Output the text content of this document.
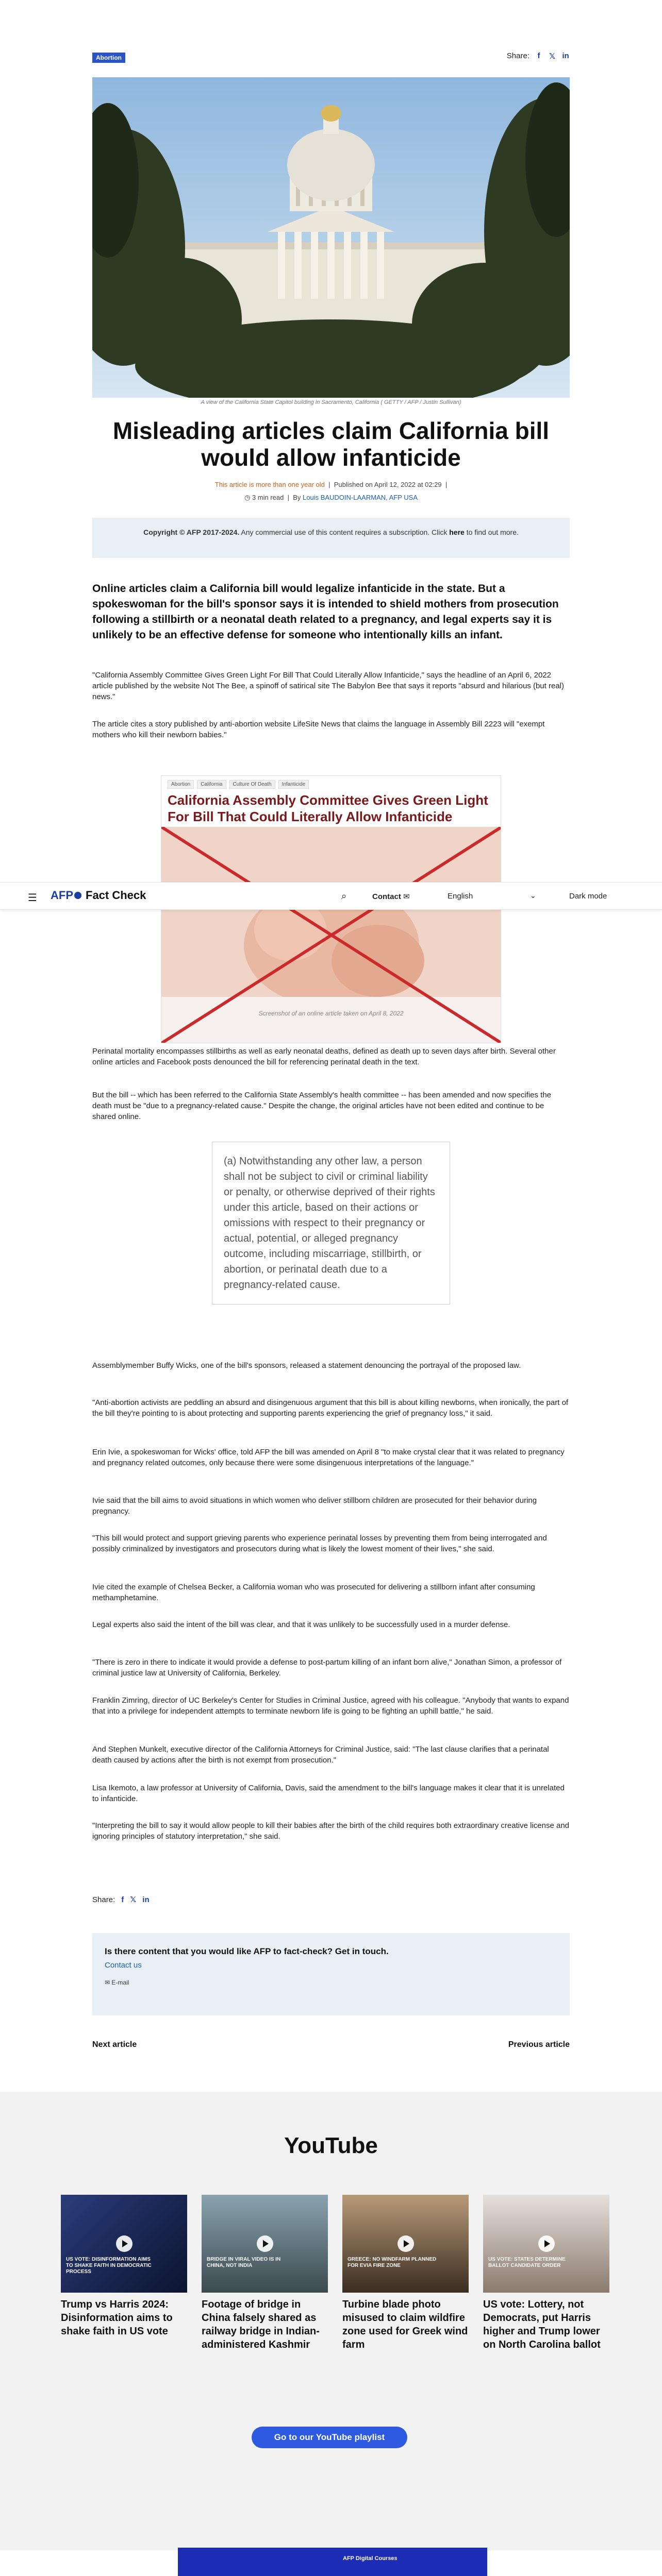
Abortion	Share:	f	𝕏 in
A view of the California State Capitol building in Sacramento, California ( GETTY / AFP / Justin Sullivan)
Misleading articles claim California bill would allow infanticide
This article is more than one year old  |  Published on April 12, 2022 at 02:29  |
◷ 3 min read  |  By Louis BAUDOIN-LAARMAN, AFP USA
Copyright © AFP 2017-2024. Any commercial use of this content requires a subscription. Click here to find out more.

Online articles claim a California bill would legalize infanticide in the state. But a spokeswoman for the bill's sponsor says it is intended to shield mothers from prosecution following a stillbirth or a neonatal death related to a pregnancy, and legal experts say it is unlikely to be an effective defense for someone who intentionally kills an infant.

"California Assembly Committee Gives Green Light For Bill That Could Literally Allow Infanticide," says the headline of an April 6, 2022 article published by the website Not The Bee, a spinoff of satirical site The Babylon Bee that says it reports "absurd and hilarious (but real) news."

The article cites a story published by anti-abortion website LifeSite News that claims the language in Assembly Bill 2223 will "exempt mothers who kill their newborn babies."

Abortion	California	Culture Of Death	Infanticide
California Assembly Committee Gives Green Light For Bill That Could Literally Allow Infanticide
Screenshot of an online article taken on April 8, 2022
☰ AFP Fact Check	⌕	Contact ✉	English	⌄	Dark mode

Perinatal mortality encompasses stillbirths as well as early neonatal deaths, defined as death up to seven days after birth. Several other online articles and Facebook posts denounced the bill for referencing perinatal death in the text.

But the bill -- which has been referred to the California State Assembly's health committee -- has been amended and now specifies the death must be "due to a pregnancy-related cause." Despite the change, the original articles have not been edited and continue to be shared online.

(a) Notwithstanding any other law, a person shall not be subject to civil or criminal liability or penalty, or otherwise deprived of their rights under this article, based on their actions or omissions with respect to their pregnancy or actual, potential, or alleged pregnancy outcome, including miscarriage, stillbirth, or abortion, or perinatal death due to a pregnancy-related cause.

Assemblymember Buffy Wicks, one of the bill's sponsors, released a statement denouncing the portrayal of the proposed law.

"Anti-abortion activists are peddling an absurd and disingenuous argument that this bill is about killing newborns, when ironically, the part of the bill they're pointing to is about protecting and supporting parents experiencing the grief of pregnancy loss," it said.

Erin Ivie, a spokeswoman for Wicks' office, told AFP the bill was amended on April 8 "to make crystal clear that it was related to pregnancy and pregnancy related outcomes, only because there were some disingenuous interpretations of the language."

Ivie said that the bill aims to avoid situations in which women who deliver stillborn children are prosecuted for their behavior during pregnancy.

"This bill would protect and support grieving parents who experience perinatal losses by preventing them from being interrogated and possibly criminalized by investigators and prosecutors during what is likely the lowest moment of their lives," she said.

Ivie cited the example of Chelsea Becker, a California woman who was prosecuted for delivering a stillborn infant after consuming methamphetamine.

Legal experts also said the intent of the bill was clear, and that it was unlikely to be successfully used in a murder defense.

"There is zero in there to indicate it would provide a defense to post-partum killing of an infant born alive," Jonathan Simon, a professor of criminal justice law at University of California, Berkeley.

Franklin Zimring, director of UC Berkeley's Center for Studies in Criminal Justice, agreed with his colleague. "Anybody that wants to expand that into a privilege for independent attempts to terminate newborn life is going to be fighting an uphill battle," he said.

And Stephen Munkelt, executive director of the California Attorneys for Criminal Justice, said: "The last clause clarifies that a perinatal death caused by actions after the birth is not exempt from prosecution."

Lisa Ikemoto, a law professor at University of California, Davis, said the amendment to the bill's language makes it clear that it is unrelated to infanticide.

"Interpreting the bill to say it would allow people to kill their babies after the birth of the child requires both extraordinary creative license and ignoring principles of statutory interpretation," she said.

Share: f 𝕏 in
Is there content that you would like AFP to fact-check? Get in touch.
Contact us
✉ E-mail
Next article	Previous article
YouTube
US VOTE: DISINFORMATION AIMS TO SHAKE FAITH IN DEMOCRATIC PROCESS
Trump vs Harris 2024: Disinformation aims to shake faith in US vote
BRIDGE IN VIRAL VIDEO IS IN CHINA, NOT INDIA
Footage of bridge in China falsely shared as railway bridge in Indian-administered Kashmir
GREECE: NO WINDFARM PLANNED FOR EVIA FIRE ZONE
Turbine blade photo misused to claim wildfire zone used for Greek wind farm
US VOTE: STATES DETERMINE BALLOT CANDIDATE ORDER
US vote: Lottery, not Democrats, put Harris higher and Trump lower on North Carolina ballot
Go to our YouTube playlist
AFP Digital Courses
